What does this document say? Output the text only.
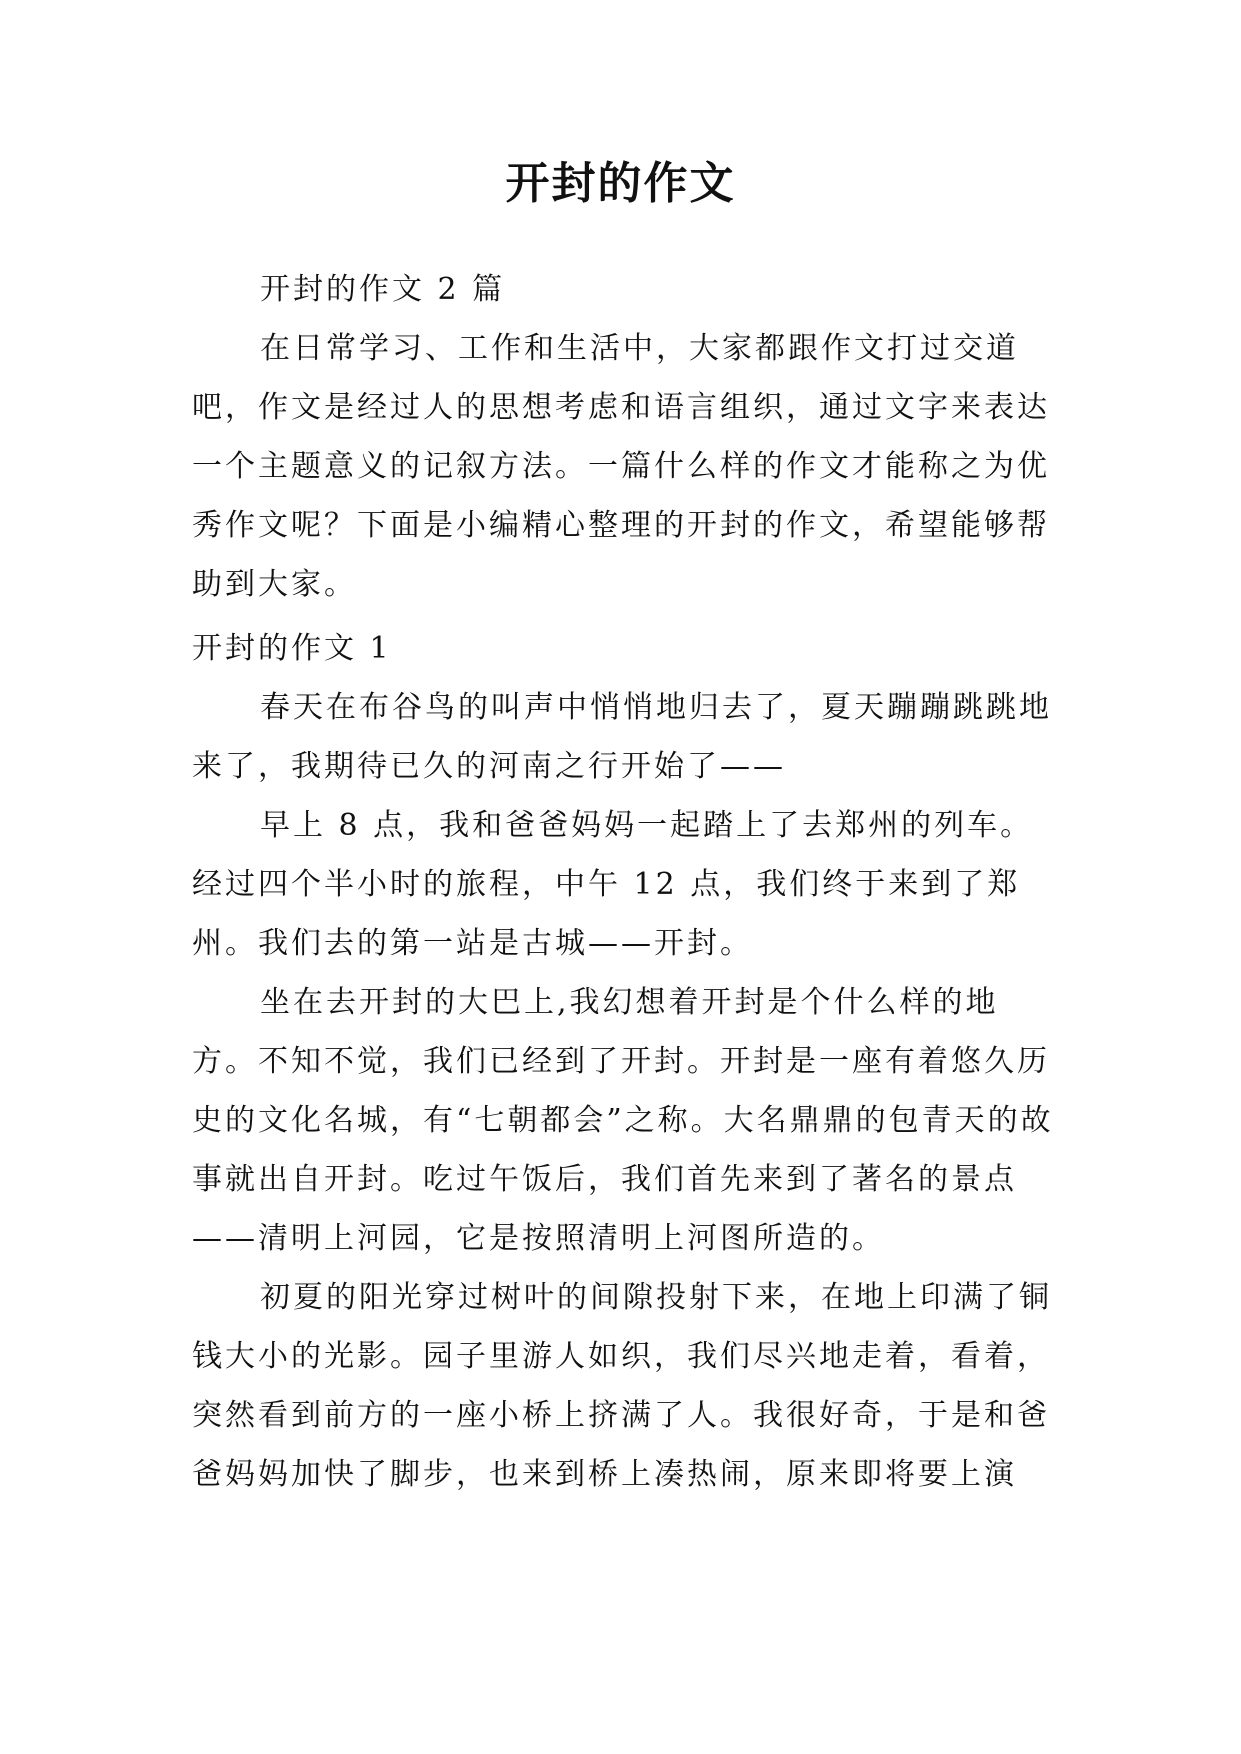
开封的作文

开封的作文 2 篇

在日常学习、工作和生活中，大家都跟作文打过交道吧，作文是经过人的思想考虑和语言组织，通过文字来表达一个主题意义的记叙方法。一篇什么样的作文才能称之为优秀作文呢？下面是小编精心整理的开封的作文，希望能够帮助到大家。

开封的作文 1

春天在布谷鸟的叫声中悄悄地归去了，夏天蹦蹦跳跳地来了，我期待已久的河南之行开始了——

早上 8 点，我和爸爸妈妈一起踏上了去郑州的列车。经过四个半小时的旅程，中午 12 点，我们终于来到了郑州。我们去的第一站是古城——开封。

坐在去开封的大巴上,我幻想着开封是个什么样的地方。不知不觉，我们已经到了开封。开封是一座有着悠久历史的文化名城，有“七朝都会”之称。大名鼎鼎的包青天的故事就出自开封。吃过午饭后，我们首先来到了著名的景点——清明上河园，它是按照清明上河图所造的。

初夏的阳光穿过树叶的间隙投射下来，在地上印满了铜钱大小的光影。园子里游人如织，我们尽兴地走着，看着，突然看到前方的一座小桥上挤满了人。我很好奇，于是和爸爸妈妈加快了脚步，也来到桥上凑热闹，原来即将要上演
